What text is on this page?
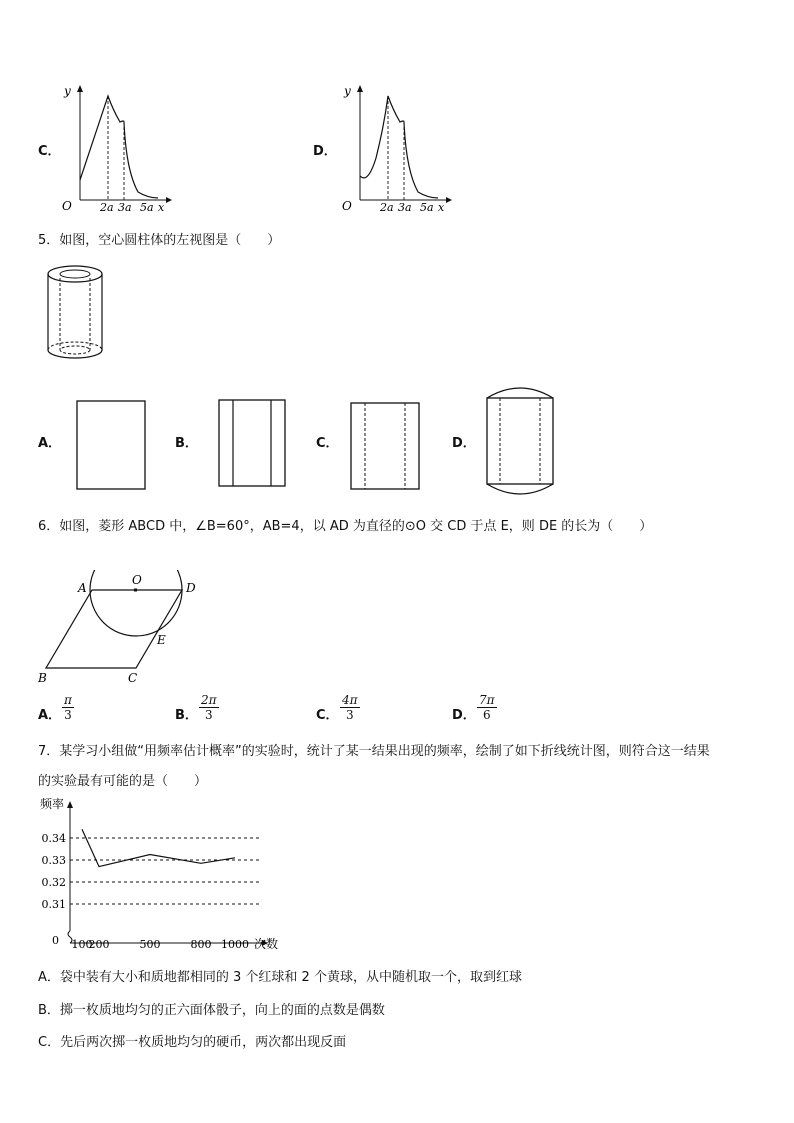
C．
y
O	2a 3a 5a x
D．
y
O	2a 3a 5a x
5．如图，空心圆柱体的左视图是（　　）
A．	B．	C．	D．
6．如图，菱形 ABCD 中，∠B=60°，AB=4，以 AD 为直径的⊙O 交 CD 于点 E，则 DE 的长为（　　）
A	D
O
E
B	C
A． $\frac{\pi}{3}$	B． $\frac{2\pi}{3}$	C． $\frac{4\pi}{3}$	D． $\frac{7\pi}{6}$
7．某学习小组做“用频率估计概率”的实验时，统计了某一结果出现的频率，绘制了如下折线统计图，则符合这一结果
的实验最有可能的是（　　）
频率
次数
0
0.34
0.33
0.32
0.31
100
200	500	800 1000
A．袋中装有大小和质地都相同的 3 个红球和 2 个黄球，从中随机取一个，取到红球
B．掷一枚质地均匀的正六面体骰子，向上的面的点数是偶数
C．先后两次掷一枚质地均匀的硬币，两次都出现反面
